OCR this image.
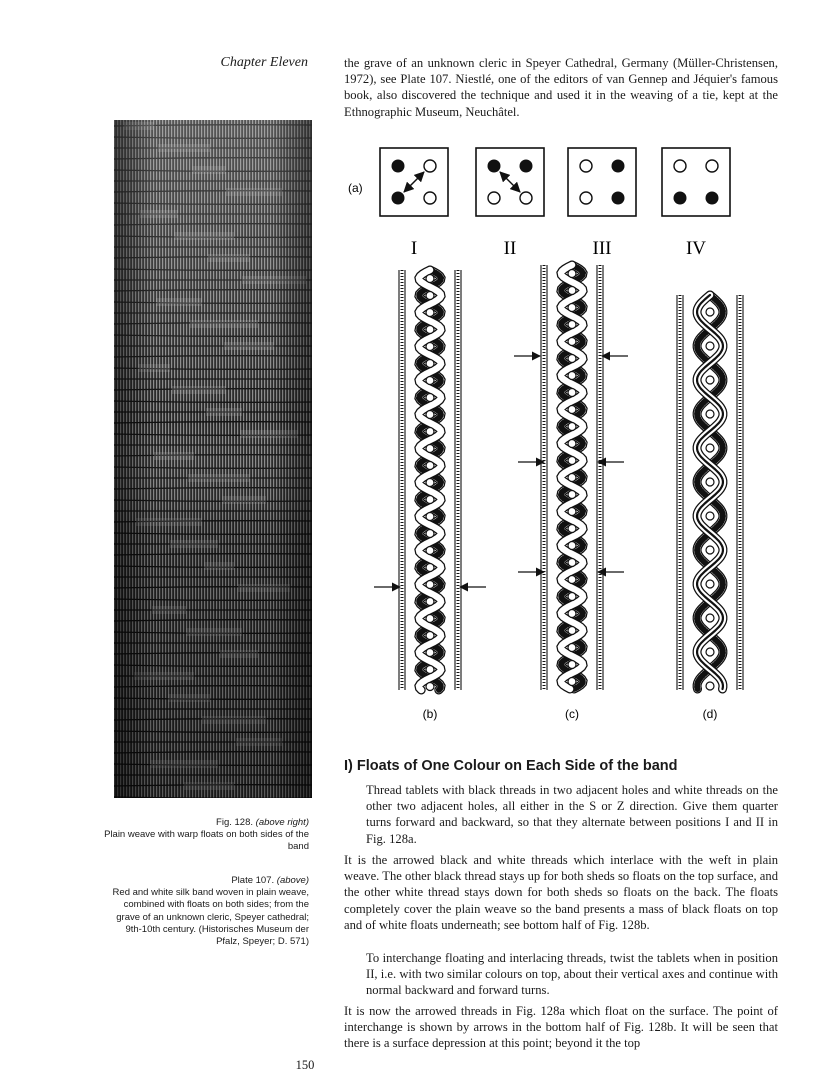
Chapter Eleven
Fig. 128. (above right)
Plain weave with warp floats on both sides of the band
Plate 107. (above)
Red and white silk band woven in plain weave, combined with floats on both sides; from the grave of an unknown cleric, Speyer cathedral; 9th-10th century. (Historisches Museum der Pfalz, Speyer; D. 571)
the grave of an unknown cleric in Speyer Cathedral, Germany (Müller-Christensen, 1972), see Plate 107. Niestlé, one of the editors of van Gennep and Jéquier's famous book, also discovered the technique and used it in the weaving of a tie, kept at the Ethnographic Museum, Neuchâtel.
(a)
I	II	III	IV
(b)	(c)	(d)
I) Floats of One Colour on Each Side of the band

Thread tablets with black threads in two adjacent holes and white threads on the other two adjacent holes, all either in the S or Z direction. Give them quarter turns forward and backward, so that they alternate between positions I and II in Fig. 128a.

It is the arrowed black and white threads which interlace with the weft in plain weave. The other black thread stays up for both sheds so floats on the top surface, and the other white thread stays down for both sheds so floats on the back. The floats completely cover the plain weave so the band presents a mass of black floats on top and of white floats underneath; see bottom half of Fig. 128b.

To interchange floating and interlacing threads, twist the tablets when in position II, i.e. with two similar colours on top, about their vertical axes and continue with normal backward and forward turns.

It is now the arrowed threads in Fig. 128a which float on the surface. The point of interchange is shown by arrows in the bottom half of Fig. 128b. It will be seen that there is a surface depression at this point; beyond it the top

150
